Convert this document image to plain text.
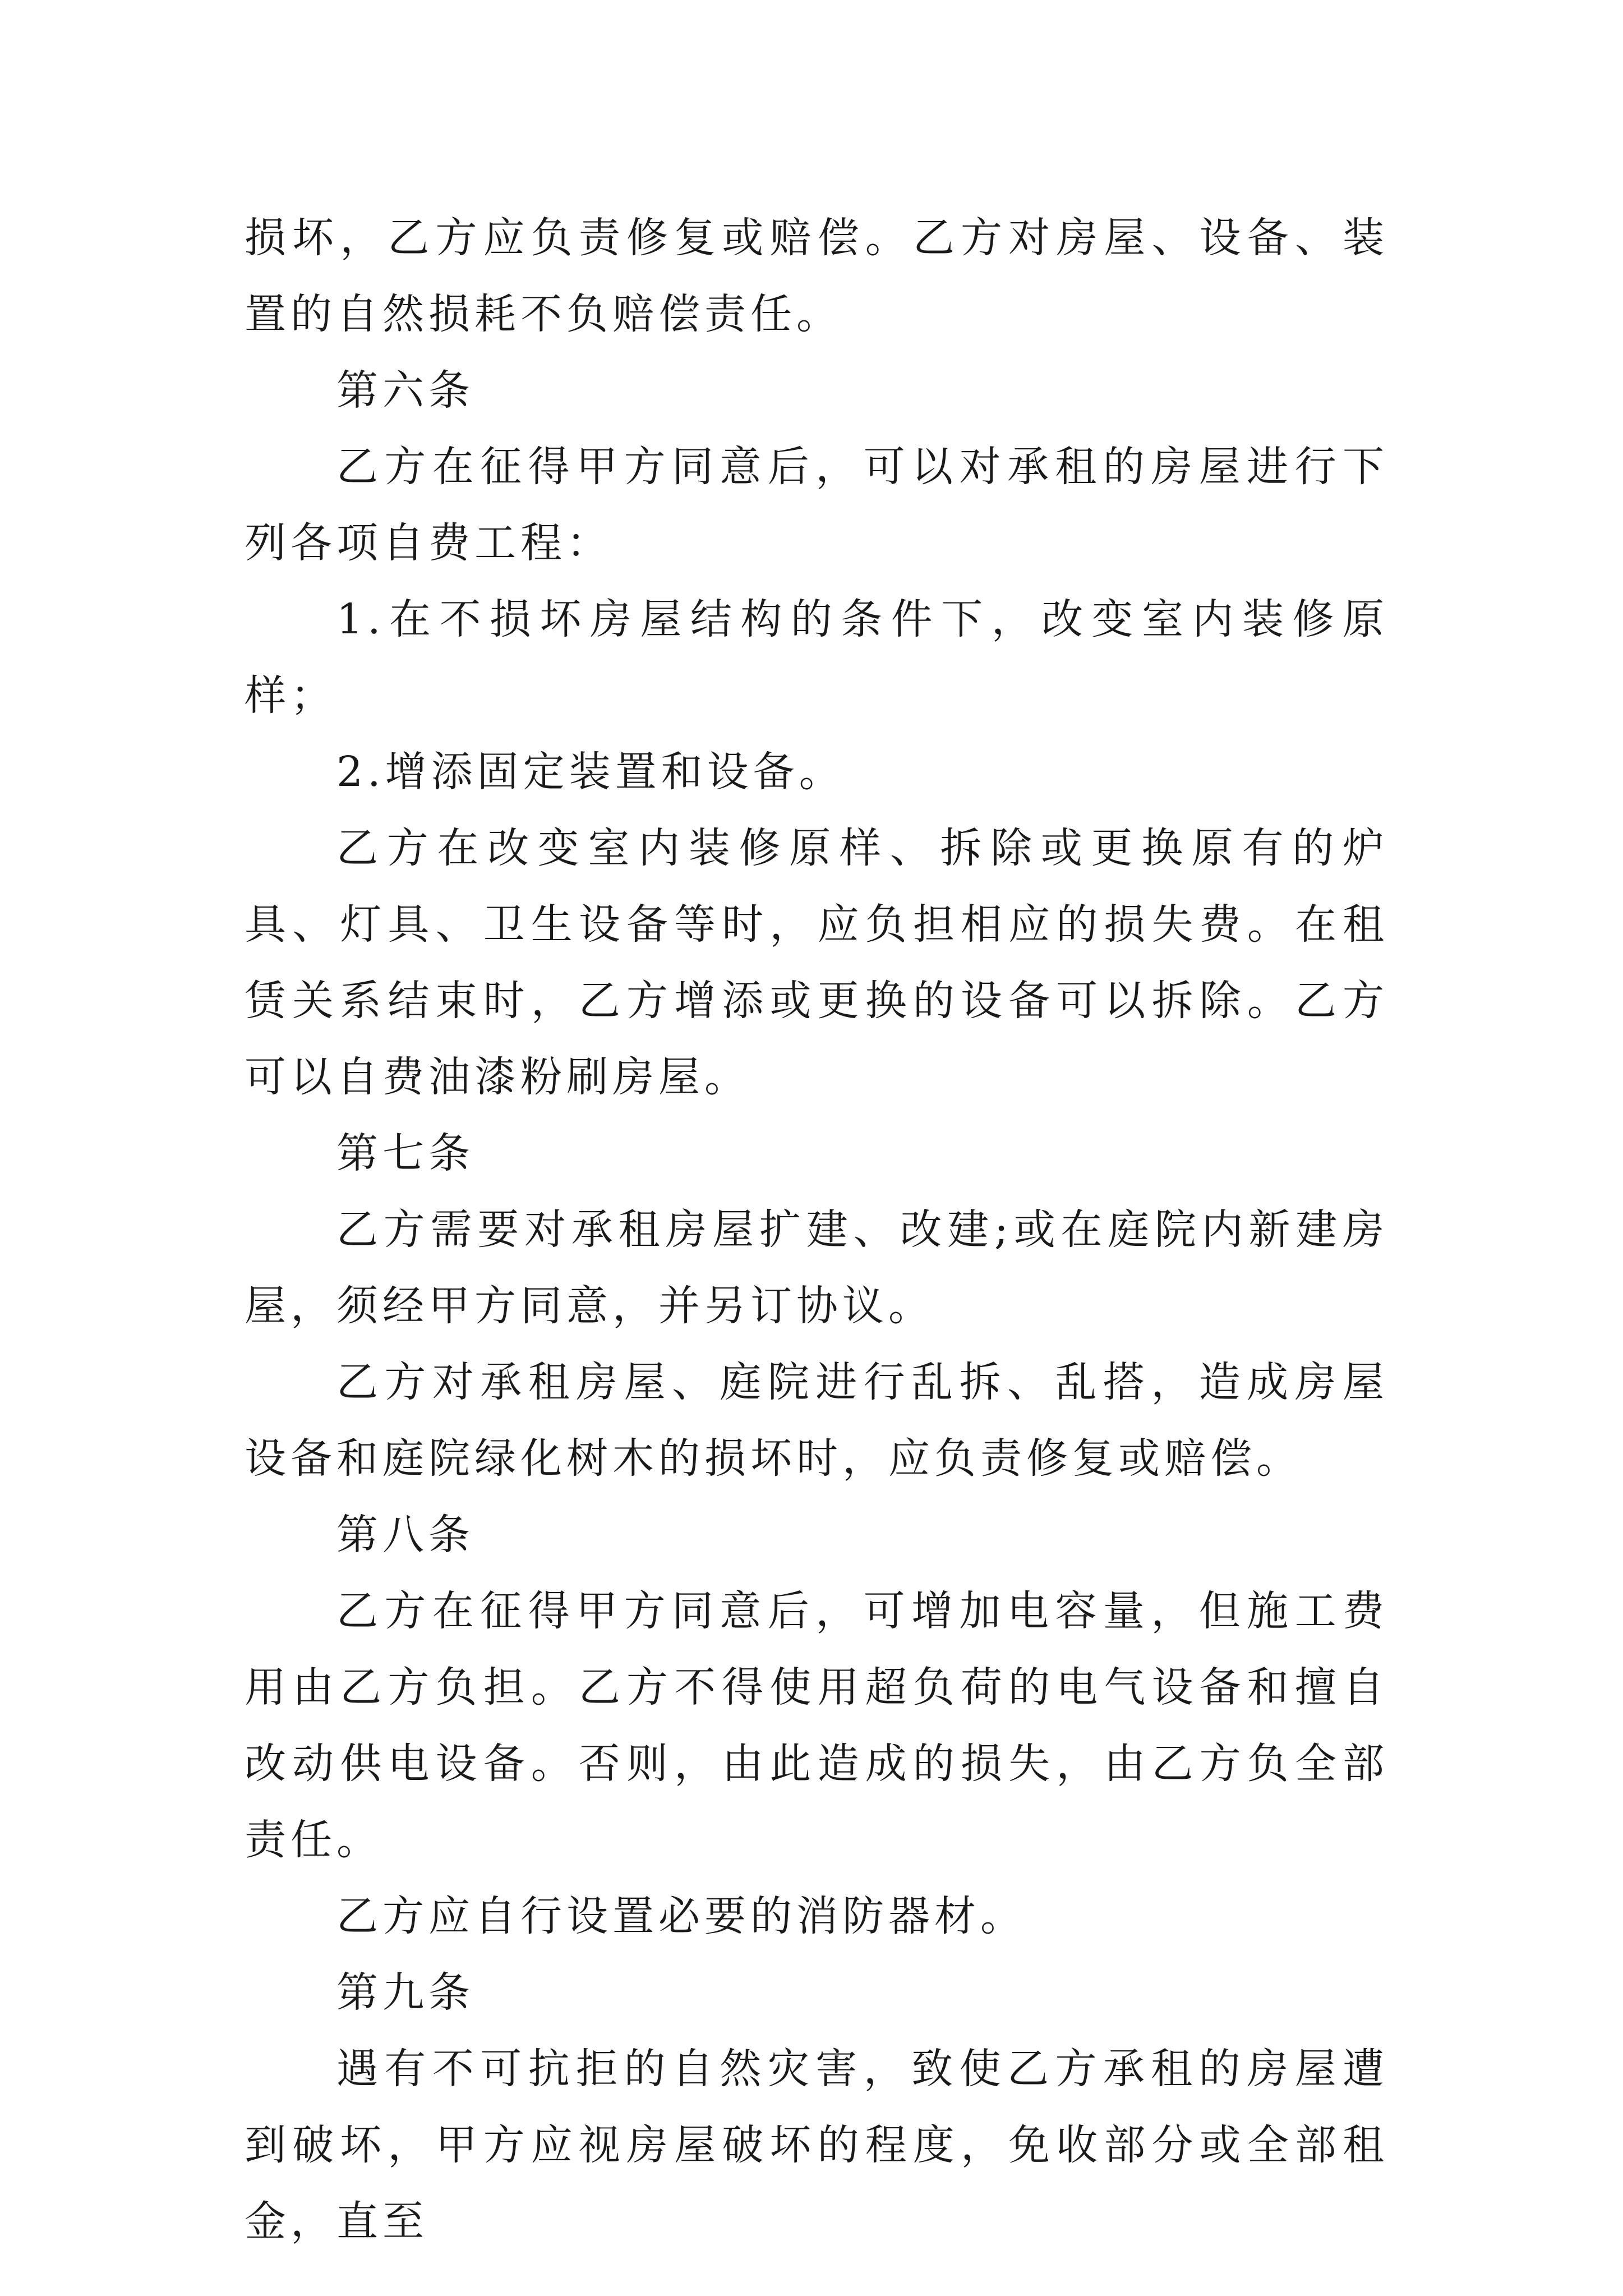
损坏，乙方应负责修复或赔偿。乙方对房屋、设备、装置的自然损耗不负赔偿责任。

第六条

乙方在征得甲方同意后，可以对承租的房屋进行下列各项自费工程：

1.在不损坏房屋结构的条件下，改变室内装修原样；

2.增添固定装置和设备。

乙方在改变室内装修原样、拆除或更换原有的炉具、灯具、卫生设备等时，应负担相应的损失费。在租赁关系结束时，乙方增添或更换的设备可以拆除。乙方可以自费油漆粉刷房屋。

第七条

乙方需要对承租房屋扩建、改建;或在庭院内新建房屋，须经甲方同意，并另订协议。

乙方对承租房屋、庭院进行乱拆、乱搭，造成房屋设备和庭院绿化树木的损坏时，应负责修复或赔偿。

第八条

乙方在征得甲方同意后，可增加电容量，但施工费用由乙方负担。乙方不得使用超负荷的电气设备和擅自改动供电设备。否则，由此造成的损失，由乙方负全部责任。

乙方应自行设置必要的消防器材。

第九条

遇有不可抗拒的自然灾害，致使乙方承租的房屋遭到破坏，甲方应视房屋破坏的程度，免收部分或全部租金，直至
